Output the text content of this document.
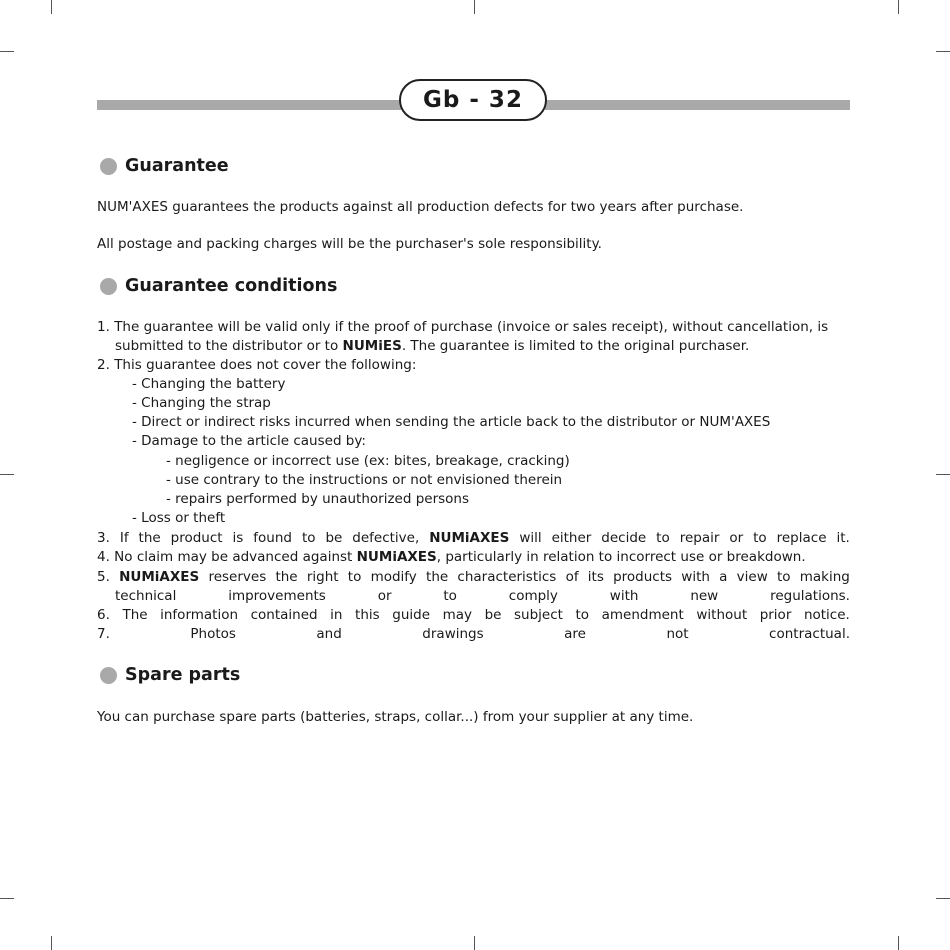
Gb - 32
Guarantee
NUM'AXES guarantees the products against all production defects for two years after purchase.
All postage and packing charges will be the purchaser's sole responsibility.
Guarantee conditions
1. The guarantee will be valid only if the proof of purchase (invoice or sales receipt), without cancellation, is
submitted to the distributor or to NUMiES. The guarantee is limited to the original purchaser.
2. This guarantee does not cover the following:
- Changing the battery
- Changing the strap
- Direct or indirect risks incurred when sending the article back to the distributor or NUM'AXES
- Damage to the article caused by:
- negligence or incorrect use (ex: bites, breakage, cracking)
- use contrary to the instructions or not envisioned therein
- repairs performed by unauthorized persons
- Loss or theft
3. If the product is found to be defective, NUMiAXES will either decide to repair or to replace it.
4. No claim may be advanced against NUMiAXES, particularly in relation to incorrect use or breakdown.
5. NUMiAXES reserves the right to modify the characteristics of its products with a view to making
technical	improvements	or	to	comply	with	new	regulations.
6. The information contained in this guide may be subject to amendment without prior notice.
7.	Photos	and	drawings	are	not	contractual.
Spare parts
You can purchase spare parts (batteries, straps, collar...) from your supplier at any time.
